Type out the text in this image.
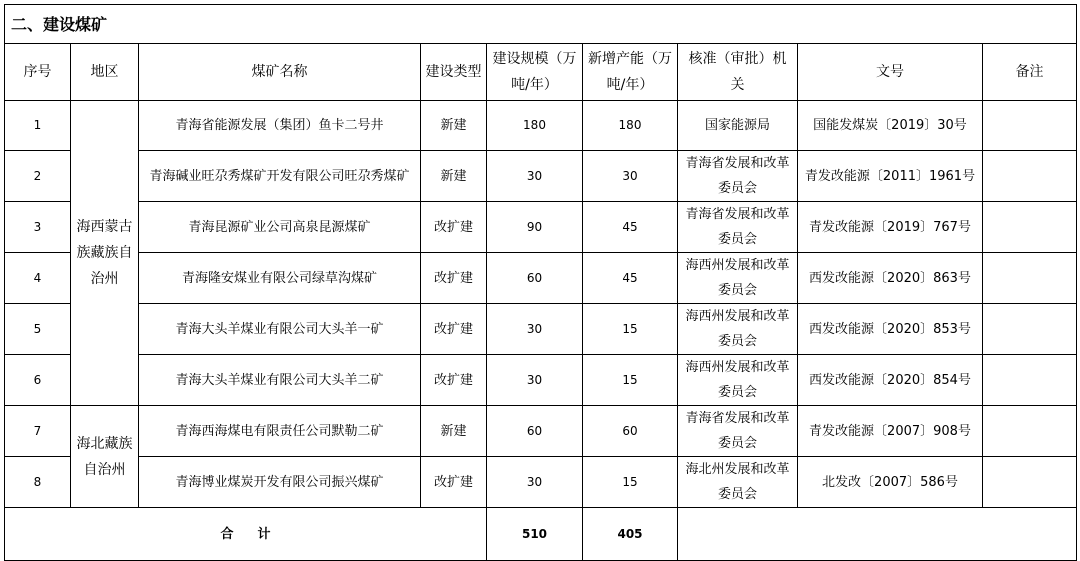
二、建设煤矿								
序号	地区	煤矿名称	建设类型	建设规模（万吨/年）	新增产能（万吨/年）	核准（审批）机关	文号	备注
1	海西蒙古族藏族自治州	青海省能源发展（集团）鱼卡二号井	新建	180	180	国家能源局	国能发煤炭〔2019〕30号	
2		青海碱业旺尕秀煤矿开发有限公司旺尕秀煤矿	新建	30	30	青海省发展和改革委员会	青发改能源〔2011〕1961号	
3		青海昆源矿业公司高泉昆源煤矿	改扩建	90	45	青海省发展和改革委员会	青发改能源〔2019〕767号	
4		青海隆安煤业有限公司绿草沟煤矿	改扩建	60	45	海西州发展和改革委员会	西发改能源〔2020〕863号	
5		青海大头羊煤业有限公司大头羊一矿	改扩建	30	15	海西州发展和改革委员会	西发改能源〔2020〕853号	
6		青海大头羊煤业有限公司大头羊二矿	改扩建	30	15	海西州发展和改革委员会	西发改能源〔2020〕854号	
7	海北藏族自治州	青海西海煤电有限责任公司默勒二矿	新建	60	60	青海省发展和改革委员会	青发改能源〔2007〕908号	
8		青海博业煤炭开发有限公司振兴煤矿	改扩建	30	15	海北州发展和改革委员会	北发改〔2007〕586号	
合计				510	405			
